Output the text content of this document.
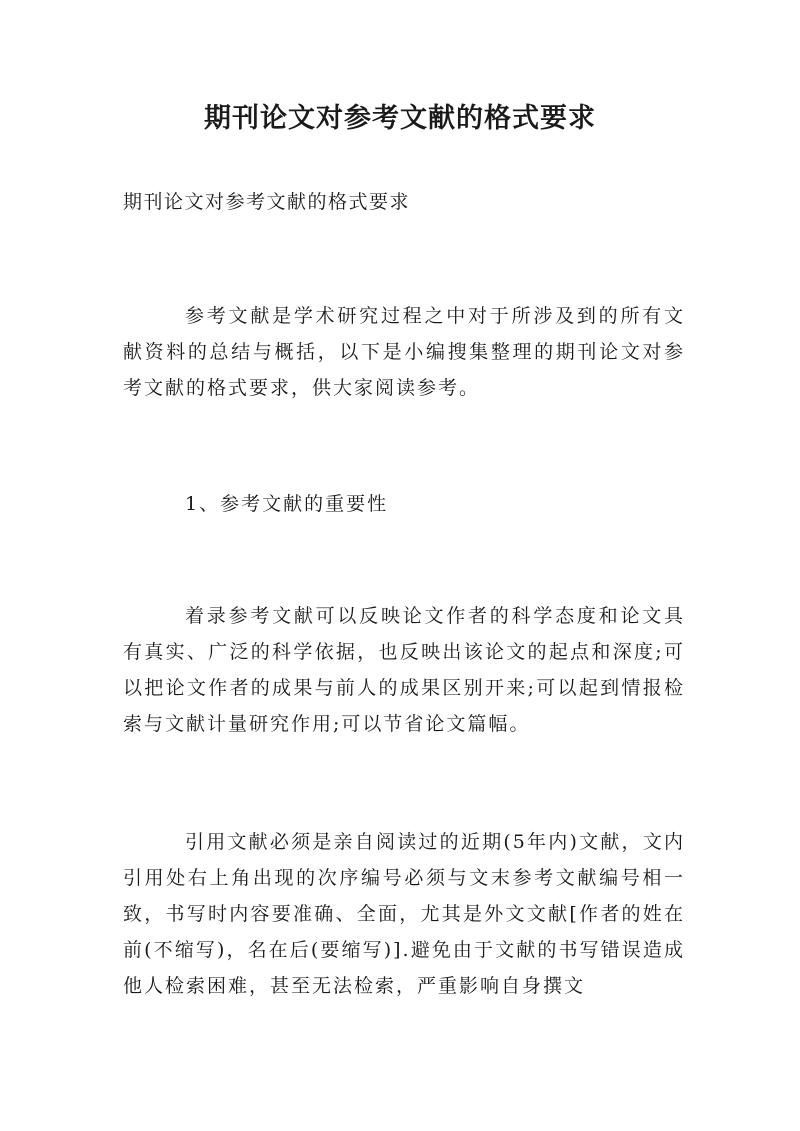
期刊论文对参考文献的格式要求

期刊论文对参考文献的格式要求

参考文献是学术研究过程之中对于所涉及到的所有文献资料的总结与概括，以下是小编搜集整理的期刊论文对参考文献的格式要求，供大家阅读参考。

1、参考文献的重要性

着录参考文献可以反映论文作者的科学态度和论文具有真实、广泛的科学依据，也反映出该论文的起点和深度;可以把论文作者的成果与前人的成果区别开来;可以起到情报检索与文献计量研究作用;可以节省论文篇幅。

引用文献必须是亲自阅读过的近期(5年内)文献，文内引用处右上角出现的次序编号必须与文末参考文献编号相一致，书写时内容要准确、全面，尤其是外文文献[作者的姓在前(不缩写)，名在后(要缩写)].避免由于文献的书写错误造成他人检索困难，甚至无法检索，严重影响自身撰文
